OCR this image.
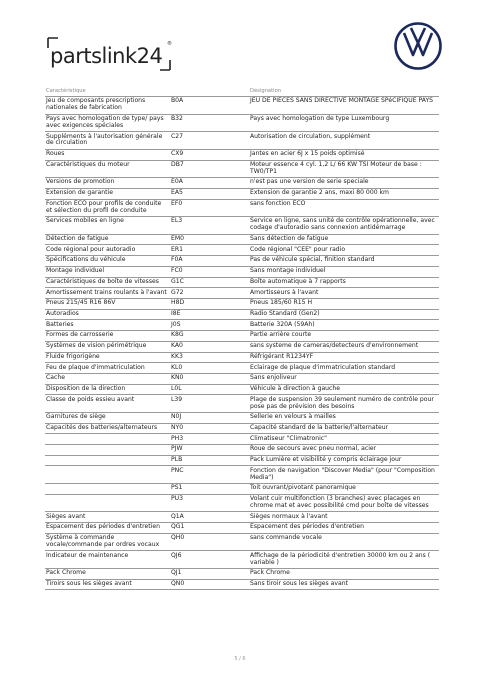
partslink24 ®
Caractéristique		Désignation
Jeu de composants prescriptions nationales de fabrication	B0A	JEU DE PIECES SANS DIRECTIVE MONTAGE SPéCIFIQUE PAYS
Pays avec homologation de type/ pays avec exigences spéciales	B32	Pays avec homologation de type Luxembourg
Suppléments à l'autorisation générale de circulation	C27	Autorisation de circulation, supplément
Roues	CX9	Jantes en acier 6J x 15 poids optimisé
Caractéristiques du moteur	DB7	Moteur essence 4 cyl. 1,2 L/ 66 KW TSI Moteur de base : TW0/TP1
Versions de promotion	E0A	n'est pas une version de serie speciale
Extension de garantie	EA5	Extension de garantie 2 ans, maxi 80 000 km
Fonction ECO pour profils de conduite et sélection du profil de conduite	EF0	sans fonction ECO
Services mobiles en ligne	EL3	Service en ligne, sans unité de contrôle opérationnelle, avec codage d'autoradio sans connexion antidémarrage
Détection de fatigue	EM0	Sans détection de fatigue
Code régional pour autoradio	ER1	Code régional "CEE" pour radio
Spécifications du véhicule	F0A	Pas de véhicule spécial, finition standard
Montage individuel	FC0	Sans montage individuel
Caractéristiques de boîte de vitesses	G1C	Boîte automatique à 7 rapports
Amortissement trains roulants à l'avant	G72	Amortisseurs à l'avant
Pneus 215/45 R16 86V	H8D	Pneus 185/60 R15 H
Autoradios	I8E	Radio Standard (Gen2)
Batteries	J0S	Batterie 320A (59Ah)
Formes de carrosserie	K8G	Partie arrière courte
Systèmes de vision périmétrique	KA0	sans systeme de cameras/detecteurs d'environnement
Fluide frigorigène	KK3	Réfrigérant R1234YF
Feu de plaque d'immatriculation	KL0	Eclairage de plaque d'immatriculation standard
Cache	KN0	Sans enjoliveur
Disposition de la direction	L0L	Véhicule à direction à gauche
Classe de poids essieu avant	L39	Plage de suspension 39 seulement numéro de contrôle pour pose pas de prévision des besoins
Garnitures de siège	N0J	Sellerie en velours à mailles
Capacités des batteries/alternateurs	NY0	Capacité standard de la batterie/l'alternateur
	PH3	Climatiseur "Climatronic"
	PJW	Roue de secours avec pneu normal, acier
	PLB	Pack Lumière et visibilité y compris éclairage jour
	PNC	Fonction de navigation "Discover Media" (pour "Composition Media")
	PS1	Toit ouvrant/pivotant panoramique
	PU3	Volant cuir multifonction (3 branches) avec placages en chrome mat et avec possibilité cmd pour boîte de vitesses
Sièges avant	Q1A	Sièges normaux à l'avant
Espacement des périodes d'entretien	QG1	Espacement des périodes d'entretien
Système à commande vocale/commande par ordres vocaux	QH0	sans commande vocale
Indicateur de maintenance	QJ6	Affichage de la périodicité d'entretien 30000 km ou 2 ans ( variable )
Pack Chrome	QJ1	Pack Chrome
Tiroirs sous les sièges avant	QN0	Sans tiroir sous les sièges avant
5 / 6
